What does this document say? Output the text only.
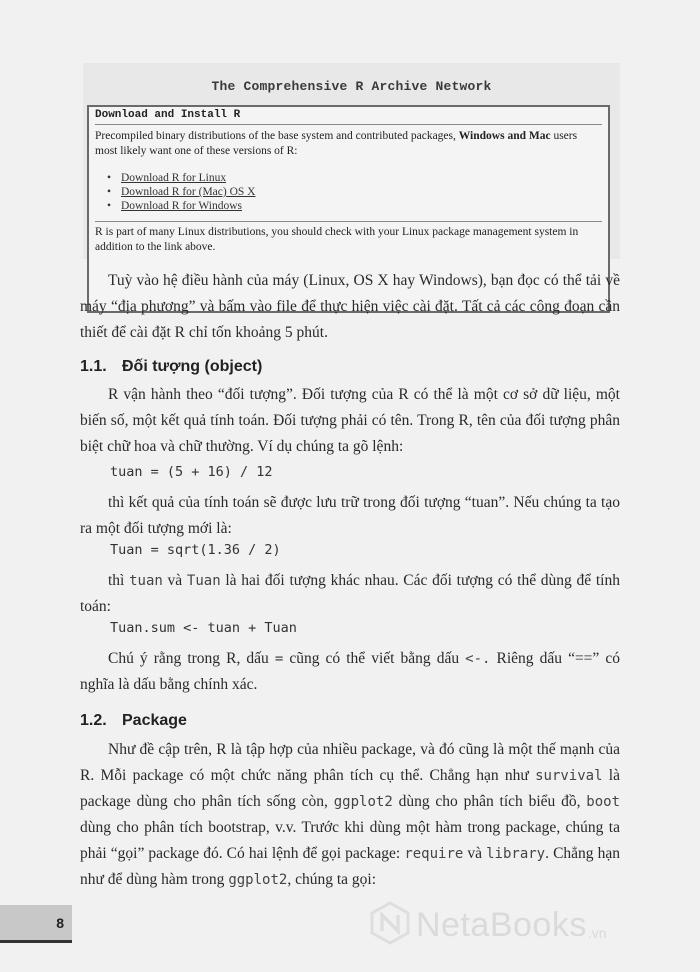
The Comprehensive R Archive Network
Download and Install R
Precompiled binary distributions of the base system and contributed packages, Windows and Mac users most likely want one of these versions of R:
• Download R for Linux
• Download R for (Mac) OS X
• Download R for Windows
R is part of many Linux distributions, you should check with your Linux package management system in addition to the link above.
Tuỳ vào hệ điều hành của máy (Linux, OS X hay Windows), bạn đọc có thể tải về máy “địa phương” và bấm vào file để thực hiện việc cài đặt. Tất cả các công đoạn cần thiết để cài đặt R chỉ tốn khoảng 5 phút.
1.1. Đối tượng (object)
R vận hành theo “đối tượng”. Đối tượng của R có thể là một cơ sở dữ liệu, một biến số, một kết quả tính toán. Đối tượng phải có tên. Trong R, tên của đối tượng phân biệt chữ hoa và chữ thường. Ví dụ chúng ta gõ lệnh:
tuan = (5 + 16) / 12
thì kết quả của tính toán sẽ được lưu trữ trong đối tượng “tuan”. Nếu chúng ta tạo ra một đối tượng mới là:
Tuan = sqrt(1.36 / 2)
thì tuan và Tuan là hai đối tượng khác nhau. Các đối tượng có thể dùng để tính toán:
Tuan.sum <- tuan + Tuan
Chú ý rằng trong R, dấu = cũng có thể viết bằng dấu <-. Riêng dấu “==” có nghĩa là dấu bằng chính xác.
1.2. Package
Như đề cập trên, R là tập hợp của nhiều package, và đó cũng là một thế mạnh của R. Mỗi package có một chức năng phân tích cụ thể. Chẳng hạn như survival là package dùng cho phân tích sống còn, ggplot2 dùng cho phân tích biểu đồ, boot dùng cho phân tích bootstrap, v.v. Trước khi dùng một hàm trong package, chúng ta phải “gọi” package đó. Có hai lệnh để gọi package: require và library. Chẳng hạn như để dùng hàm trong ggplot2, chúng ta gọi:
8	NetaBooks .vn
